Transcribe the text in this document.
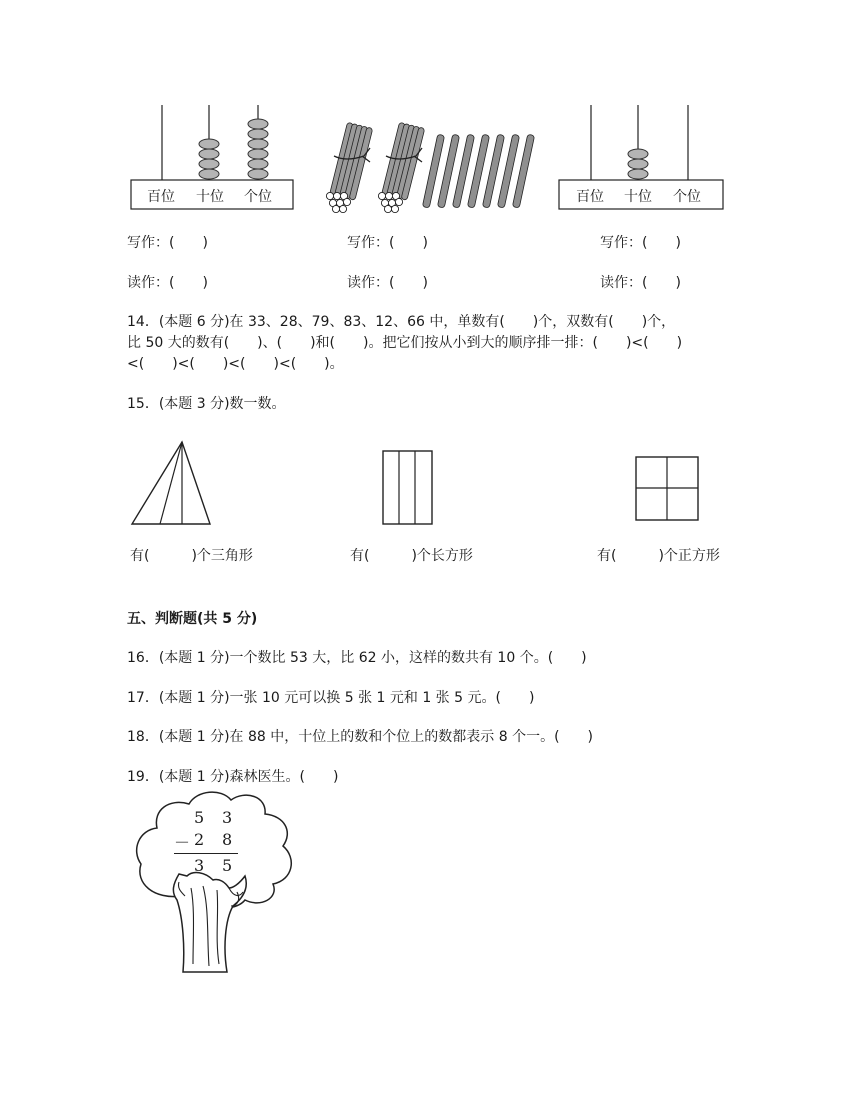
百位 十位 个位	百位 十位 个位
写作：(　　)	写作：(　　)	写作：(　　)
读作：(　　)	读作：(　　)	读作：(　　)
14．(本题 6 分)在 33、28、79、83、12、66 中，单数有(　　)个，双数有(　　)个，
比 50 大的数有(　　)、(　　)和(　　)。把它们按从小到大的顺序排一排：(　　)<(　　)
<(　　)<(　　)<(　　)<(　　)。
15．(本题 3 分)数一数。
有(　　　)个三角形	有(　　　)个长方形	有(　　　)个正方形
五、判断题(共 5 分)
16．(本题 1 分)一个数比 53 大，比 62 小，这样的数共有 10 个。(　　)
17．(本题 1 分)一张 10 元可以换 5 张 1 元和 1 张 5 元。(　　)
18．(本题 1 分)在 88 中，十位上的数和个位上的数都表示 8 个一。(　　)
19．(本题 1 分)森林医生。(　　)
5 3
－ 2 8
3 5
